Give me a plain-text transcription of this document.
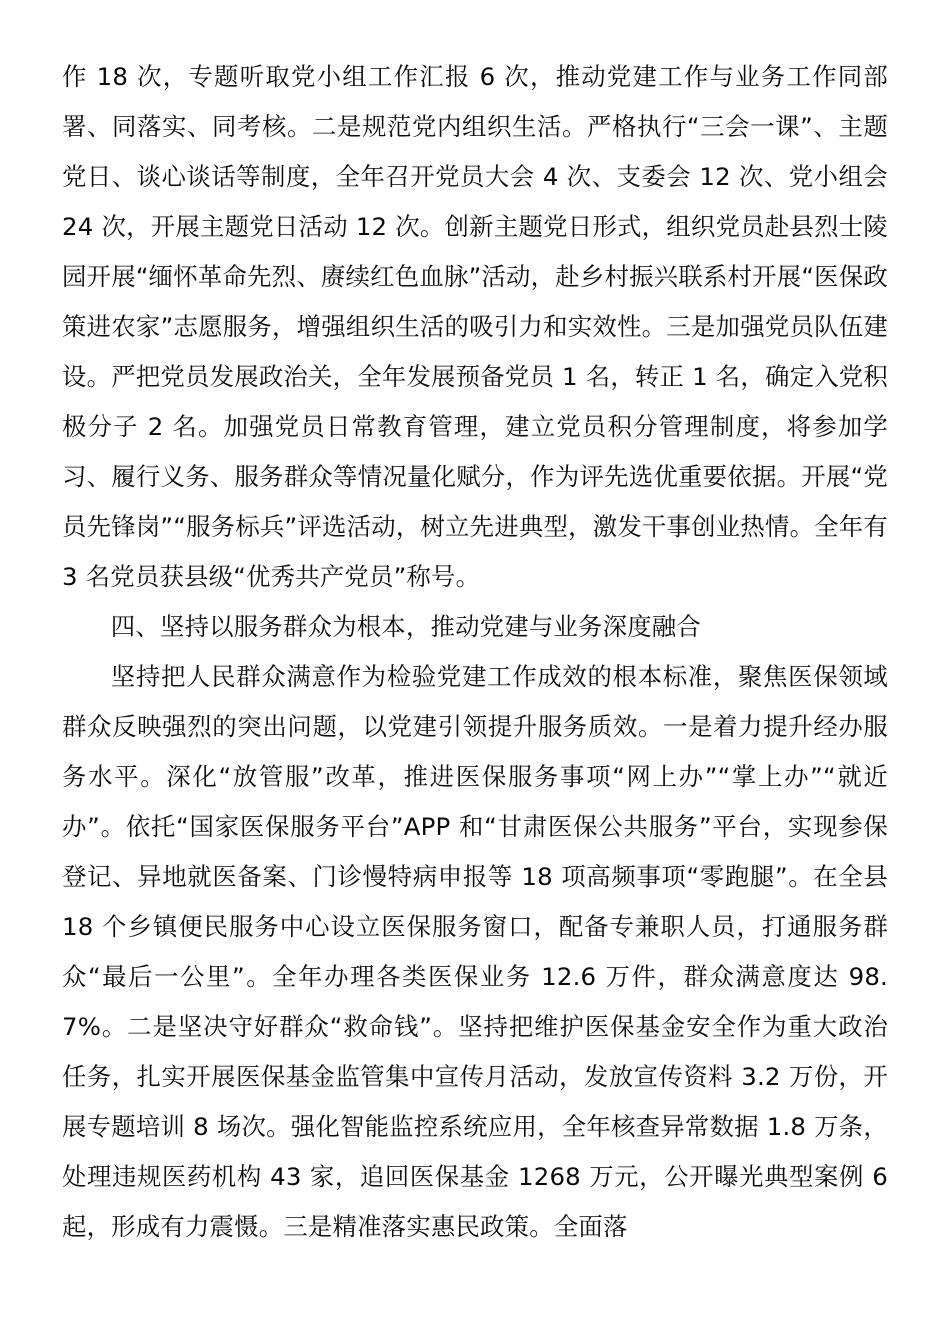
作 18 次，专题听取党小组工作汇报 6 次，推动党建工作与业务工作同部署、同落实、同考核。二是规范党内组织生活。严格执行“三会一课”、主题党日、谈心谈话等制度，全年召开党员大会 4 次、支委会 12 次、党小组会 24 次，开展主题党日活动 12 次。创新主题党日形式，组织党员赴县烈士陵园开展“缅怀革命先烈、赓续红色血脉”活动，赴乡村振兴联系村开展“医保政策进农家”志愿服务，增强组织生活的吸引力和实效性。三是加强党员队伍建设。严把党员发展政治关，全年发展预备党员 1 名，转正 1 名，确定入党积极分子 2 名。加强党员日常教育管理，建立党员积分管理制度，将参加学习、履行义务、服务群众等情况量化赋分，作为评先选优重要依据。开展“党员先锋岗”“服务标兵”评选活动，树立先进典型，激发干事创业热情。全年有 3 名党员获县级“优秀共产党员”称号。

四、坚持以服务群众为根本，推动党建与业务深度融合

坚持把人民群众满意作为检验党建工作成效的根本标准，聚焦医保领域群众反映强烈的突出问题，以党建引领提升服务质效。一是着力提升经办服务水平。深化“放管服”改革，推进医保服务事项“网上办”“掌上办”“就近办”。依托“国家医保服务平台”APP 和“甘肃医保公共服务”平台，实现参保登记、异地就医备案、门诊慢特病申报等 18 项高频事项“零跑腿”。在全县 18 个乡镇便民服务中心设立医保服务窗口，配备专兼职人员，打通服务群众“最后一公里”。全年办理各类医保业务 12.6 万件，群众满意度达 98.7%。二是坚决守好群众“救命钱”。坚持把维护医保基金安全作为重大政治任务，扎实开展医保基金监管集中宣传月活动，发放宣传资料 3.2 万份，开展专题培训 8 场次。强化智能监控系统应用，全年核查异常数据 1.8 万条，处理违规医药机构 43 家，追回医保基金 1268 万元，公开曝光典型案例 6 起，形成有力震慑。三是精准落实惠民政策。全面落
